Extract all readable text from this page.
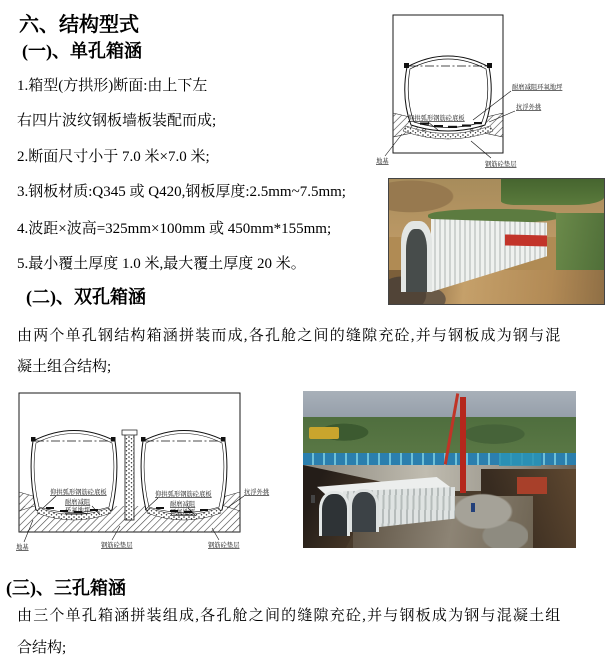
六、结构型式
(一)、单孔箱涵
1.箱型(方拱形)断面:由上下左
右四片波纹钢板墙板装配而成;
2.断面尺寸小于 7.0 米×7.0 米;
3.钢板材质:Q345 或 Q420,钢板厚度:2.5mm~7.5mm;
4.波距×波高=325mm×100mm 或 450mm*155mm;
5.最小覆土厚度 1.0 米,最大覆土厚度 20 米。
(二)、双孔箱涵
由两个单孔钢结构箱涵拼装而成,各孔舱之间的缝隙充砼,并与钢板成为钢与混
凝土组合结构;
(三)、三孔箱涵
由三个单孔箱涵拼装组成,各孔舱之间的缝隙充砼,并与钢板成为钢与混凝土组
合结构;
耐磨减阻环氧地坪
抗浮外挑
仰拱弧形钢筋砼底板
地基	钢筋砼垫层
仰拱弧形钢筋砼底板
耐磨减阻
环氧地坪
仰拱弧形钢筋砼底板
耐磨减阻
环氧地坪
抗浮外挑
地基	钢筋砼垫层	钢筋砼垫层
